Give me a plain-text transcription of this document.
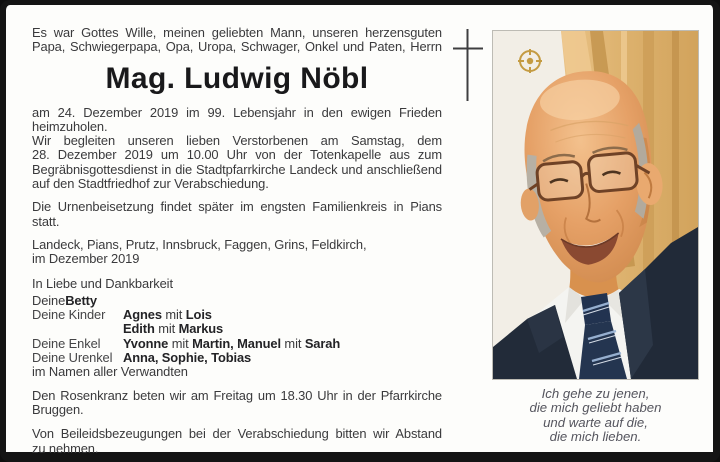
Es war Gottes Wille, meinen geliebten Mann, unseren herzensguten
Papa, Schwiegerpapa, Opa, Uropa, Schwager, Onkel und Paten, Herrn

Mag. Ludwig Nöbl

am 24. Dezember 2019 im 99. Lebensjahr in den ewigen Frieden
heimzuholen.

Wir begleiten unseren lieben Verstorbenen am Samstag, dem
28. Dezember 2019 um 10.00 Uhr von der Totenkapelle aus zum
Begräbnisgottesdienst in die Stadtpfarrkirche Landeck und anschließend
auf den Stadtfriedhof zur Verabschiedung.

Die Urnenbeisetzung findet später im engsten Familienkreis in Pians statt.

Landeck, Pians, Prutz, Innsbruck, Faggen, Grins, Feldkirch,
im Dezember 2019

In Liebe und Dankbarkeit

Deine Betty
Deine Kinder	Agnes mit Lois
Edith mit Markus
Deine Enkel	Yvonne mit Martin, Manuel mit Sarah
Deine Urenkel Anna, Sophie, Tobias
im Namen aller Verwandten

Den Rosenkranz beten wir am Freitag um 18.30 Uhr in der Pfarrkirche
Bruggen.

Von Beileidsbezeugungen bei der Verabschiedung bitten wir Abstand
zu nehmen.

Ich gehe zu jenen,
die mich geliebt haben
und warte auf die,
die mich lieben.
